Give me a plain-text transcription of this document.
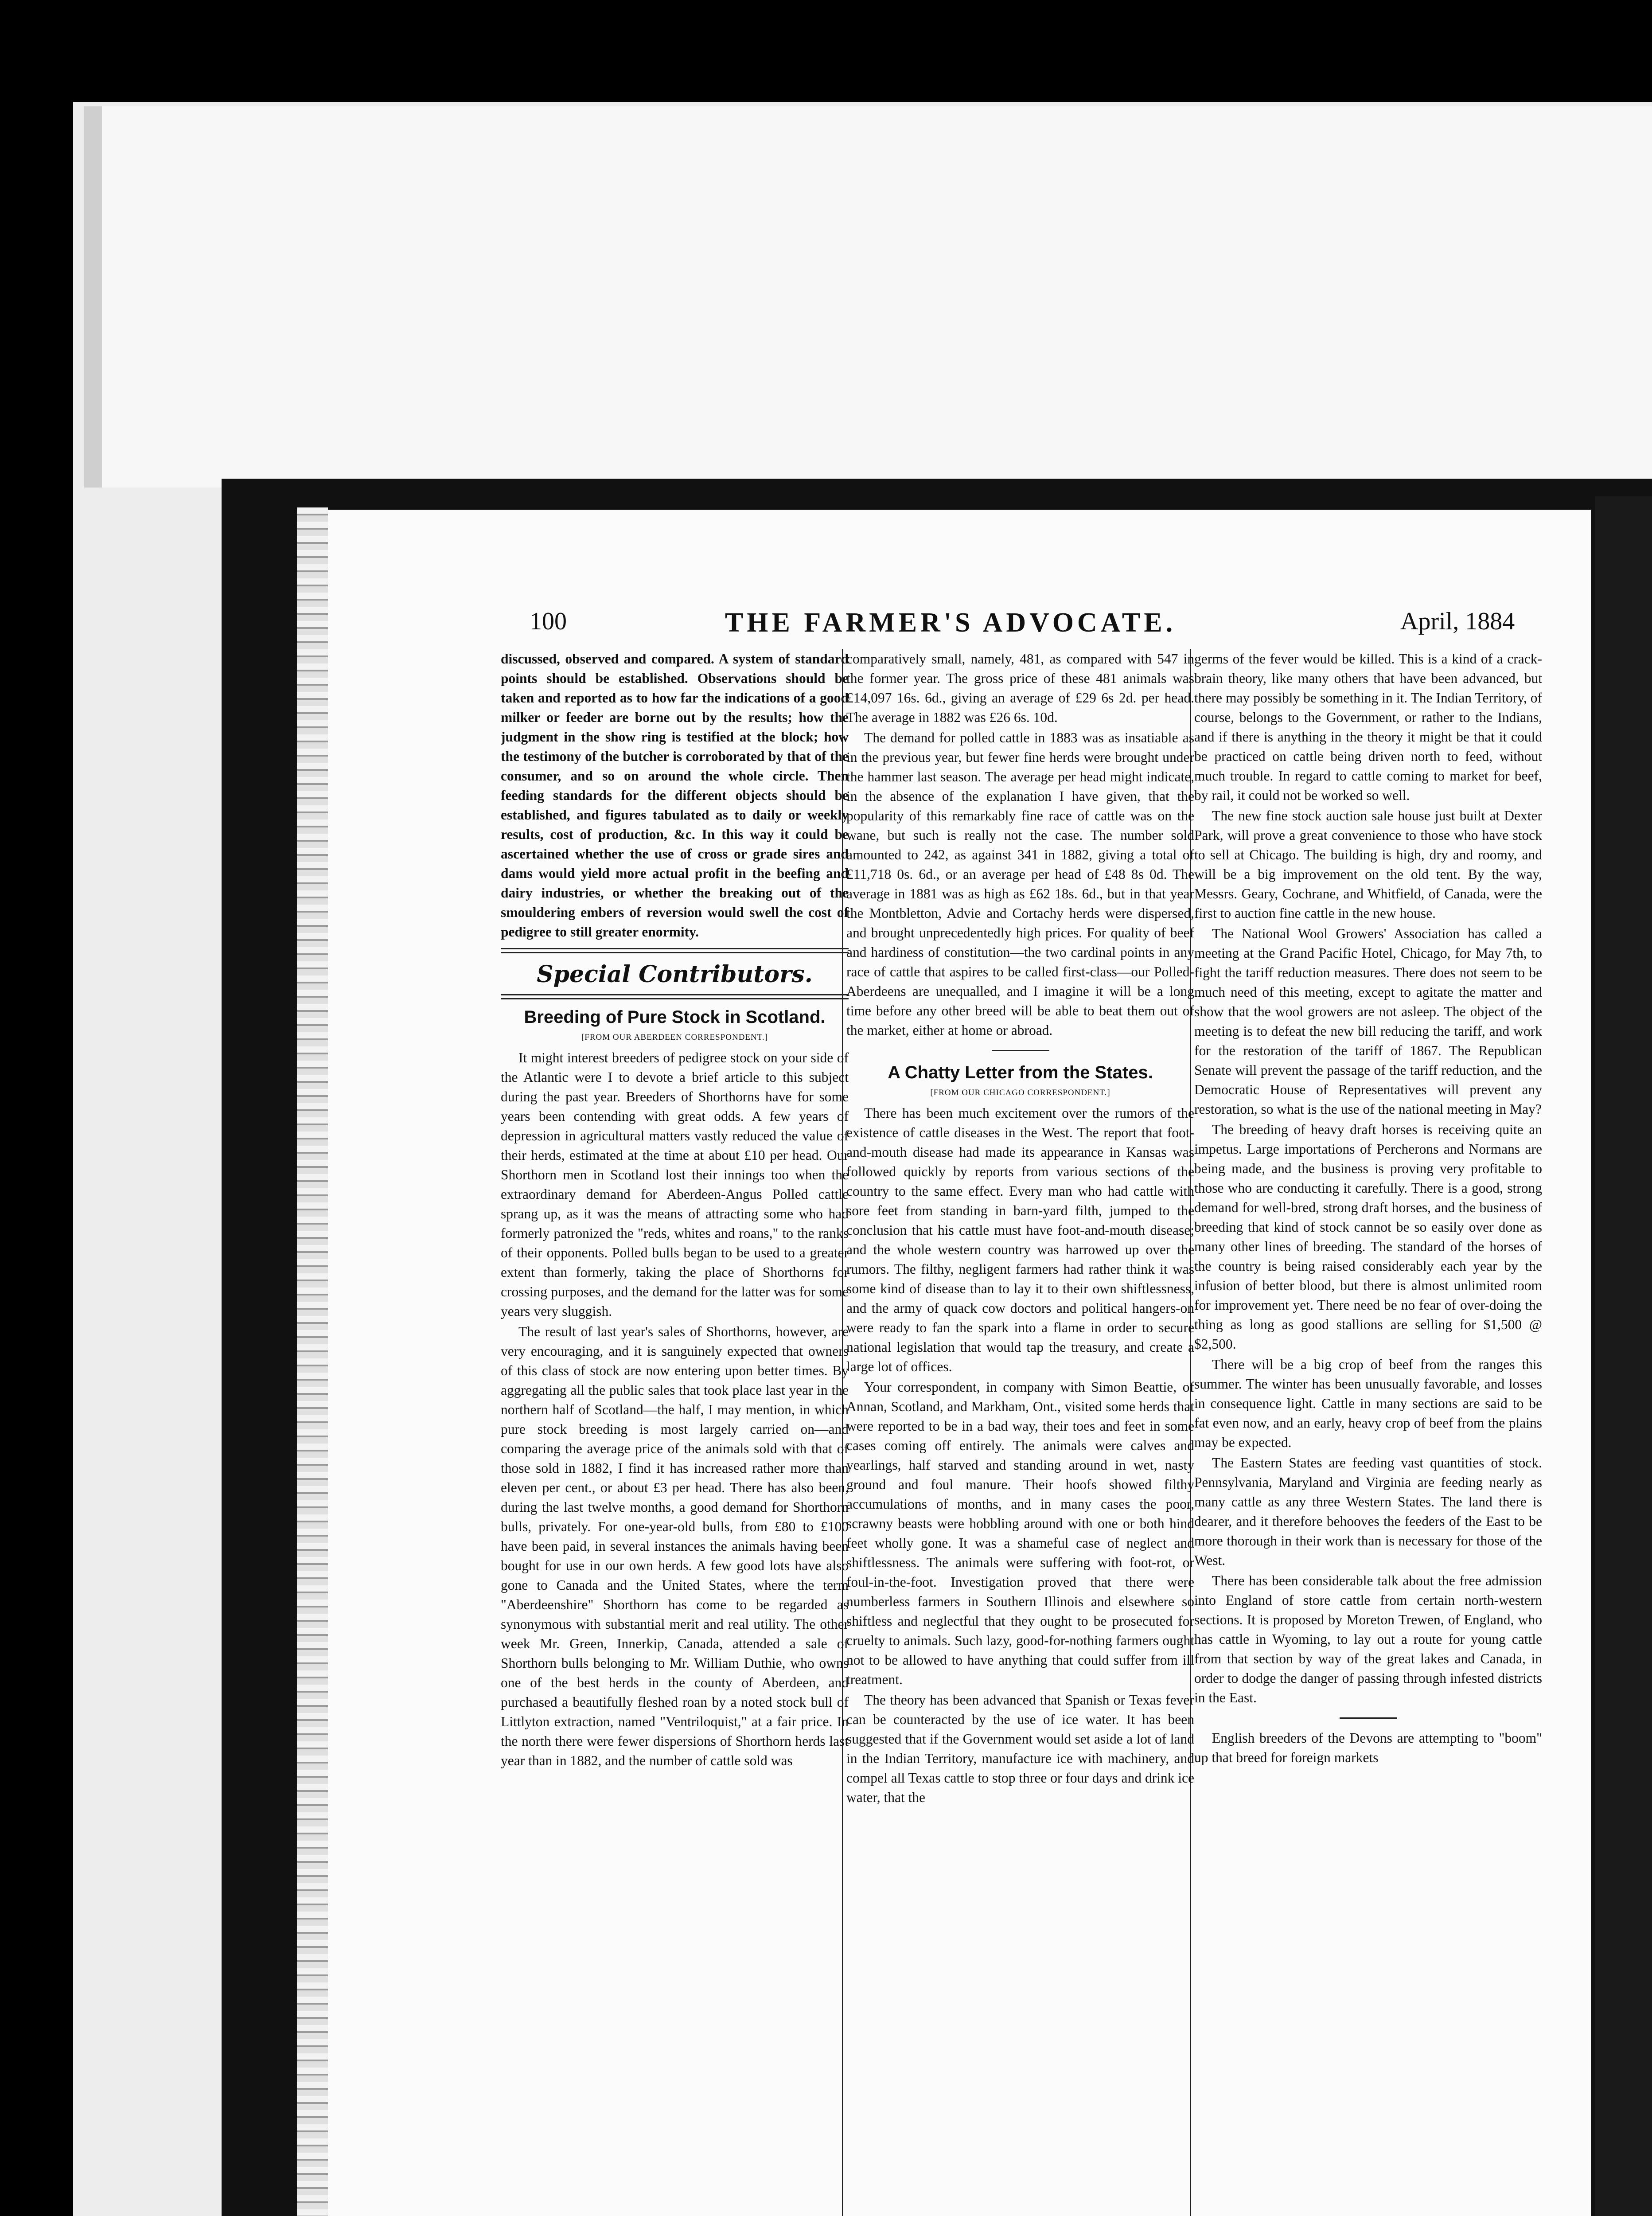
100	THE FARMER'S ADVOCATE.	April, 1884

discussed, observed and compared. A system of standard points should be established. Observations should be taken and reported as to how far the indications of a good milker or feeder are borne out by the results; how the judgment in the show ring is testified at the block; how the testimony of the butcher is corroborated by that of the consumer, and so on around the whole circle. Then feeding standards for the different objects should be established, and figures tabulated as to daily or weekly results, cost of production, &c. In this way it could be ascertained whether the use of cross or grade sires and dams would yield more actual profit in the beefing and dairy industries, or whether the breaking out of the smouldering embers of reversion would swell the cost of pedigree to still greater enormity.

Special Contributors.
Breeding of Pure Stock in Scotland.
[FROM OUR ABERDEEN CORRESPONDENT.]

It might interest breeders of pedigree stock on your side of the Atlantic were I to devote a brief article to this subject during the past year. Breeders of Shorthorns have for some years been contending with great odds. A few years of depression in agricultural matters vastly reduced the value of their herds, estimated at the time at about £10 per head. Our Shorthorn men in Scotland lost their innings too when the extraordinary demand for Aberdeen-Angus Polled cattle sprang up, as it was the means of attracting some who had formerly patronized the "reds, whites and roans," to the ranks of their opponents. Polled bulls began to be used to a greater extent than formerly, taking the place of Shorthorns for crossing purposes, and the demand for the latter was for some years very sluggish.

The result of last year's sales of Shorthorns, however, are very encouraging, and it is sanguinely expected that owners of this class of stock are now entering upon better times. By aggregating all the public sales that took place last year in the northern half of Scotland—the half, I may mention, in which pure stock breeding is most largely carried on—and comparing the average price of the animals sold with that of those sold in 1882, I find it has increased rather more than eleven per cent., or about £3 per head. There has also been, during the last twelve months, a good demand for Shorthorn bulls, privately. For one-year-old bulls, from £80 to £100 have been paid, in several instances the animals having been bought for use in our own herds. A few good lots have also gone to Canada and the United States, where the term "Aberdeenshire" Shorthorn has come to be regarded as synonymous with substantial merit and real utility. The other week Mr. Green, Innerkip, Canada, attended a sale of Shorthorn bulls belonging to Mr. William Duthie, who owns one of the best herds in the county of Aberdeen, and purchased a beautifully fleshed roan by a noted stock bull of Littlyton extraction, named "Ventriloquist," at a fair price. In the north there were fewer dispersions of Shorthorn herds last year than in 1882, and the number of cattle sold was

comparatively small, namely, 481, as compared with 547 in the former year. The gross price of these 481 animals was £14,097 16s. 6d., giving an average of £29 6s 2d. per head. The average in 1882 was £26 6s. 10d.

The demand for polled cattle in 1883 was as insatiable as in the previous year, but fewer fine herds were brought under the hammer last season. The average per head might indicate, in the absence of the explanation I have given, that the popularity of this remarkably fine race of cattle was on the wane, but such is really not the case. The number sold amounted to 242, as against 341 in 1882, giving a total of £11,718 0s. 6d., or an average per head of £48 8s 0d. The average in 1881 was as high as £62 18s. 6d., but in that year the Montbletton, Advie and Cortachy herds were dispersed, and brought unprecedentedly high prices. For quality of beef and hardiness of constitution—the two cardinal points in any race of cattle that aspires to be called first-class—our Polled-Aberdeens are unequalled, and I imagine it will be a long time before any other breed will be able to beat them out of the market, either at home or abroad.

A Chatty Letter from the States.
[FROM OUR CHICAGO CORRESPONDENT.]

There has been much excitement over the rumors of the existence of cattle diseases in the West. The report that foot-and-mouth disease had made its appearance in Kansas was followed quickly by reports from various sections of the country to the same effect. Every man who had cattle with sore feet from standing in barn-yard filth, jumped to the conclusion that his cattle must have foot-and-mouth disease; and the whole western country was harrowed up over the rumors. The filthy, negligent farmers had rather think it was some kind of disease than to lay it to their own shiftlessness, and the army of quack cow doctors and political hangers-on were ready to fan the spark into a flame in order to secure national legislation that would tap the treasury, and create a large lot of offices.

Your correspondent, in company with Simon Beattie, of Annan, Scotland, and Markham, Ont., visited some herds that were reported to be in a bad way, their toes and feet in some cases coming off entirely. The animals were calves and yearlings, half starved and standing around in wet, nasty ground and foul manure. Their hoofs showed filthy accumulations of months, and in many cases the poor, scrawny beasts were hobbling around with one or both hind feet wholly gone. It was a shameful case of neglect and shiftlessness. The animals were suffering with foot-rot, or foul-in-the-foot. Investigation proved that there were numberless farmers in Southern Illinois and elsewhere so shiftless and neglectful that they ought to be prosecuted for cruelty to animals. Such lazy, good-for-nothing farmers ought not to be allowed to have anything that could suffer from ill treatment.

The theory has been advanced that Spanish or Texas fever can be counteracted by the use of ice water. It has been suggested that if the Government would set aside a lot of land in the Indian Territory, manufacture ice with machinery, and compel all Texas cattle to stop three or four days and drink ice water, that the

germs of the fever would be killed. This is a kind of a crack-brain theory, like many others that have been advanced, but there may possibly be something in it. The Indian Territory, of course, belongs to the Government, or rather to the Indians, and if there is anything in the theory it might be that it could be practiced on cattle being driven north to feed, without much trouble. In regard to cattle coming to market for beef, by rail, it could not be worked so well.

The new fine stock auction sale house just built at Dexter Park, will prove a great convenience to those who have stock to sell at Chicago. The building is high, dry and roomy, and will be a big improvement on the old tent. By the way, Messrs. Geary, Cochrane, and Whitfield, of Canada, were the first to auction fine cattle in the new house.

The National Wool Growers' Association has called a meeting at the Grand Pacific Hotel, Chicago, for May 7th, to fight the tariff reduction measures. There does not seem to be much need of this meeting, except to agitate the matter and show that the wool growers are not asleep. The object of the meeting is to defeat the new bill reducing the tariff, and work for the restoration of the tariff of 1867. The Republican Senate will prevent the passage of the tariff reduction, and the Democratic House of Representatives will prevent any restoration, so what is the use of the national meeting in May?

The breeding of heavy draft horses is receiving quite an impetus. Large importations of Percherons and Normans are being made, and the business is proving very profitable to those who are conducting it carefully. There is a good, strong demand for well-bred, strong draft horses, and the business of breeding that kind of stock cannot be so easily over done as many other lines of breeding. The standard of the horses of the country is being raised considerably each year by the infusion of better blood, but there is almost unlimited room for improvement yet. There need be no fear of over-doing the thing as long as good stallions are selling for $1,500 @ $2,500.

There will be a big crop of beef from the ranges this summer. The winter has been unusually favorable, and losses in consequence light. Cattle in many sections are said to be fat even now, and an early, heavy crop of beef from the plains may be expected.

The Eastern States are feeding vast quantities of stock. Pennsylvania, Maryland and Virginia are feeding nearly as many cattle as any three Western States. The land there is dearer, and it therefore behooves the feeders of the East to be more thorough in their work than is necessary for those of the West.

There has been considerable talk about the free admission into England of store cattle from certain north-western sections. It is proposed by Moreton Trewen, of England, who has cattle in Wyoming, to lay out a route for young cattle from that section by way of the great lakes and Canada, in order to dodge the danger of passing through infested districts in the East.

English breeders of the Devons are attempting to "boom" up that breed for foreign markets
